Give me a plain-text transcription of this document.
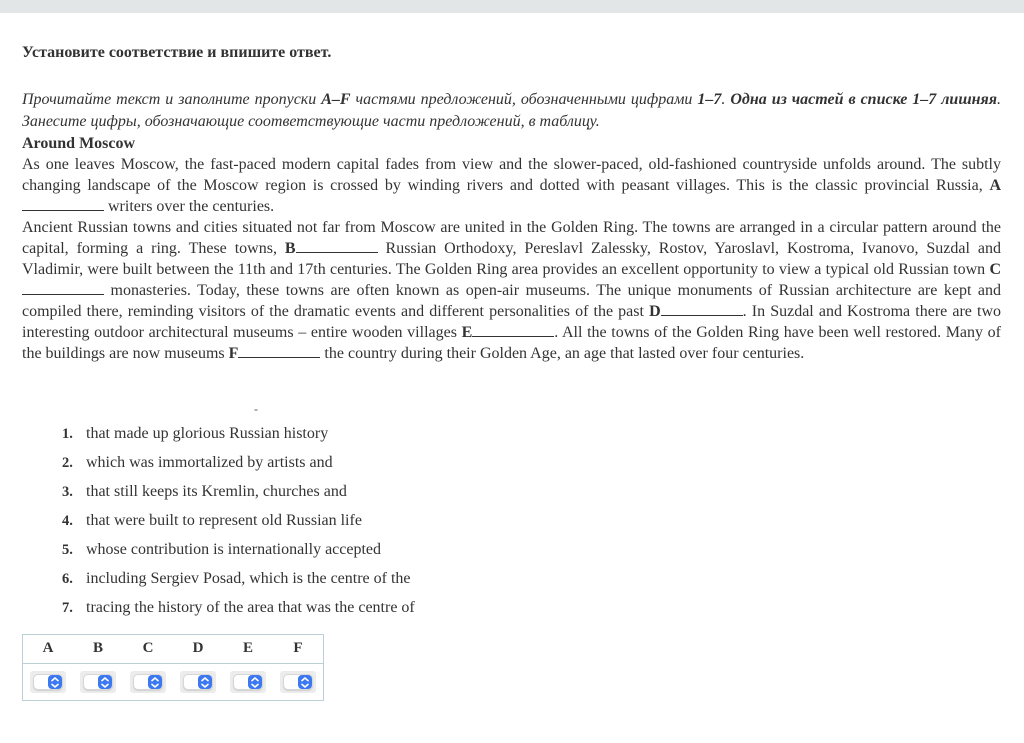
Установите соответствие и впишите ответ.

Прочитайте текст и заполните пропуски A–F частями предложений, обозначенными цифрами 1–7. Одна из частей в списке 1–7 лишняя. Занесите цифры, обозначающие соответствующие части предложений, в таблицу.

Around Moscow

As one leaves Moscow, the fast-paced modern capital fades from view and the slower-paced, old-fashioned countryside unfolds around. The subtly changing landscape of the Moscow region is crossed by winding rivers and dotted with peasant villages. This is the classic provincial Russia, A writers over the centuries.

Ancient Russian towns and cities situated not far from Moscow are united in the Golden Ring. The towns are arranged in a circular pattern around the capital, forming a ring. These towns, B	Russian Orthodoxy, Pereslavl Zalessky, Rostov, Yaroslavl, Kostroma, Ivanovo, Suzdal and Vladimir, were built between the 11th and 17th centuries. The Golden Ring area provides an excellent opportunity to view a typical old Russian town C monasteries. Today, these towns are often known as open-air museums. The unique monuments of Russian architecture are kept and compiled there, reminding visitors of the dramatic events and different personalities of the past D	. In Suzdal and Kostroma there are two interesting outdoor architectural museums – entire wooden villages E	. All the towns of the Golden Ring have been well restored. Many of the buildings are now museums F	the country during their Golden Age, an age that lasted over four centuries.

-
1. that made up glorious Russian history
2. which was immortalized by artists and
3. that still keeps its Kremlin, churches and
4. that were built to represent old Russian life
5. whose contribution is internationally accepted
6. including Sergiev Posad, which is the centre of the
7. tracing the history of the area that was the centre of
A	B	C	D	E	F
